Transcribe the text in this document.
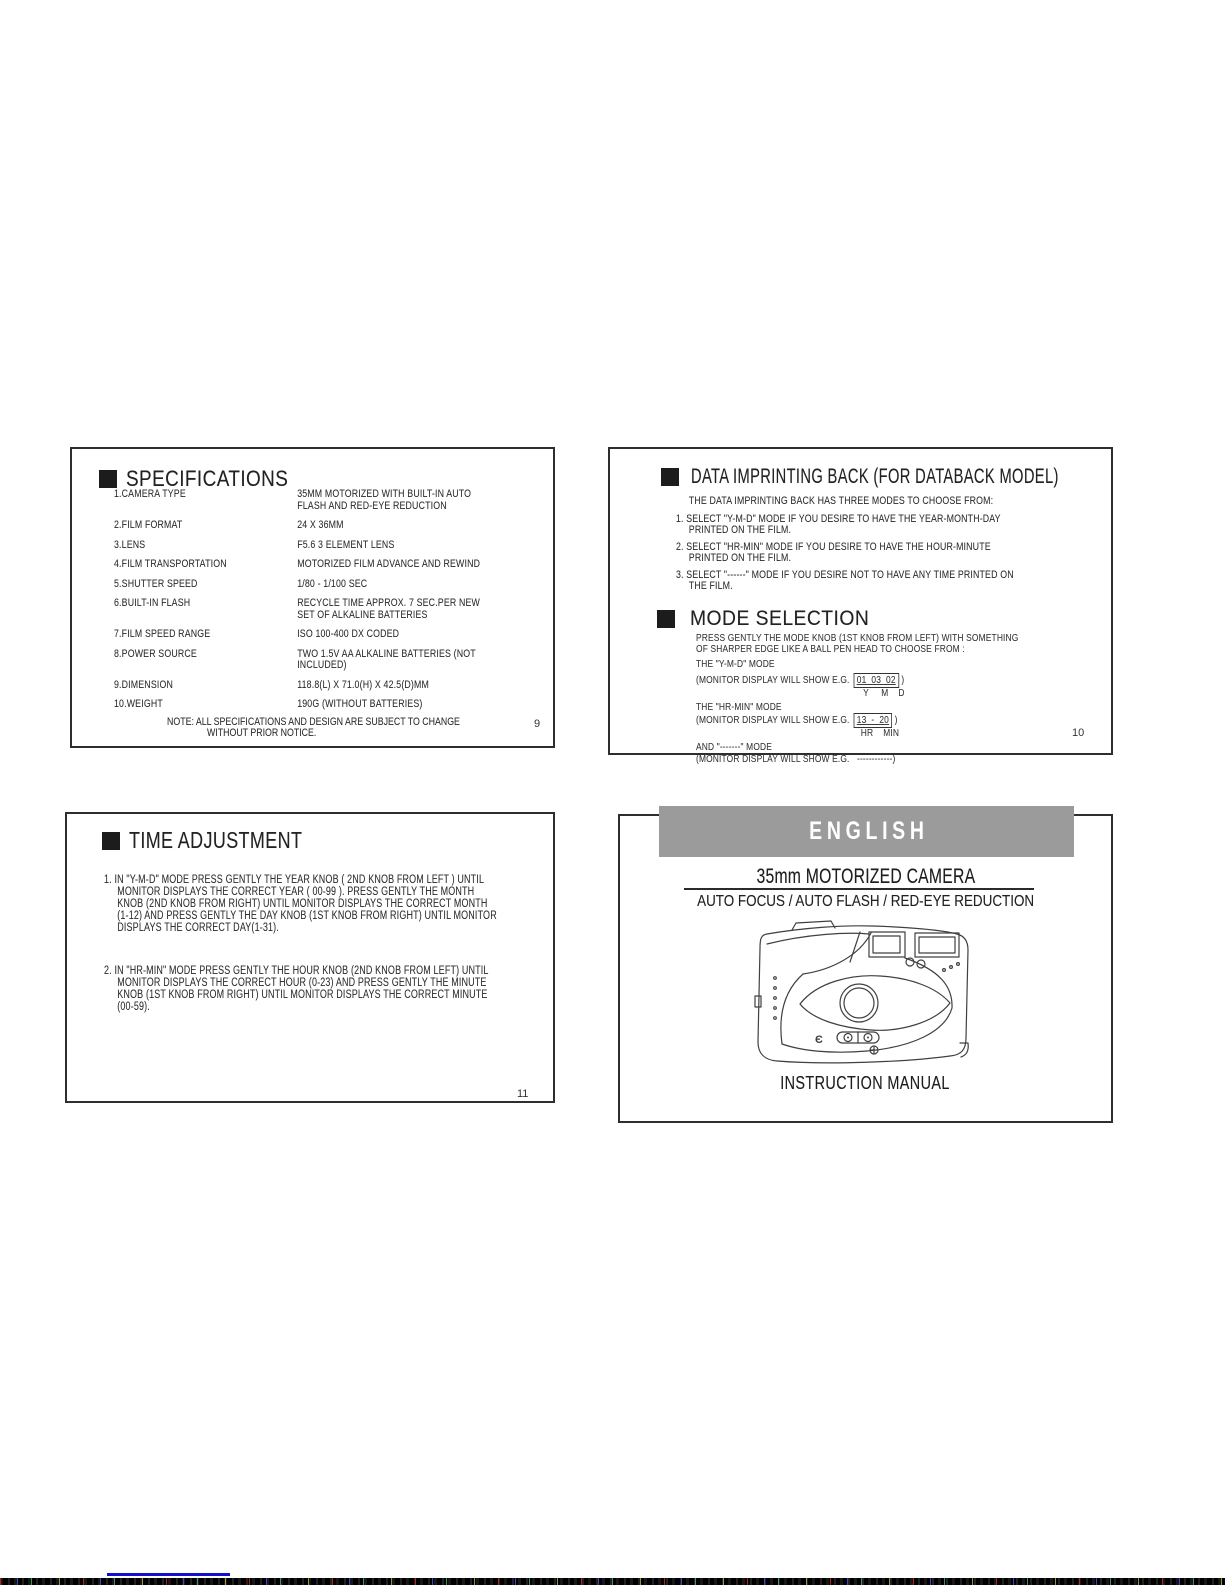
SPECIFICATIONS
1.CAMERA TYPE	35MM MOTORIZED WITH BUILT-IN AUTO
FLASH AND RED-EYE REDUCTION
2.FILM FORMAT	24 X 36MM
3.LENS	F5.6 3 ELEMENT LENS
4.FILM TRANSPORTATION	MOTORIZED FILM ADVANCE AND REWIND
5.SHUTTER SPEED	1/80 - 1/100 SEC
6.BUILT-IN FLASH	RECYCLE TIME APPROX. 7 SEC.PER NEW
SET OF ALKALINE BATTERIES
7.FILM SPEED RANGE	ISO 100-400 DX CODED
8.POWER SOURCE	TWO 1.5V AA ALKALINE BATTERIES (NOT
INCLUDED)
9.DIMENSION	118.8(L) X 71.0(H) X 42.5(D)MM
10.WEIGHT	190G (WITHOUT BATTERIES)
NOTE: ALL SPECIFICATIONS AND DESIGN ARE SUBJECT TO CHANGE
WITHOUT PRIOR NOTICE.
9
DATA IMPRINTING BACK (FOR DATABACK MODEL)
THE DATA IMPRINTING BACK HAS THREE MODES TO CHOOSE FROM:
1. SELECT "Y-M-D" MODE IF YOU DESIRE TO HAVE THE YEAR-MONTH-DAY
PRINTED ON THE FILM.
2. SELECT "HR-MIN" MODE IF YOU DESIRE TO HAVE THE HOUR-MINUTE
PRINTED ON THE FILM.
3. SELECT "------" MODE IF YOU DESIRE NOT TO HAVE ANY TIME PRINTED ON
THE FILM.
MODE SELECTION
PRESS GENTLY THE MODE KNOB (1ST KNOB FROM LEFT) WITH SOMETHING
OF SHARPER EDGE LIKE A BALL PEN HEAD TO CHOOSE FROM :
THE "Y-M-D" MODE
(MONITOR DISPLAY WILL SHOW E.G. 01  03  02 )
Y     M    D
THE "HR-MIN" MODE
(MONITOR DISPLAY WILL SHOW E.G. 13  -  20 )
HR    MIN
AND "-------" MODE
(MONITOR DISPLAY WILL SHOW E.G.   ------------)
10
TIME ADJUSTMENT
1. IN "Y-M-D" MODE PRESS GENTLY THE YEAR KNOB ( 2ND KNOB FROM LEFT ) UNTIL
MONITOR DISPLAYS THE CORRECT YEAR ( 00-99 ). PRESS GENTLY THE MONTH
KNOB (2ND KNOB FROM RIGHT) UNTIL MONITOR DISPLAYS THE CORRECT MONTH
(1-12) AND PRESS GENTLY THE DAY KNOB (1ST KNOB FROM RIGHT) UNTIL MONITOR
DISPLAYS THE CORRECT DAY(1-31).
2. IN "HR-MIN" MODE PRESS GENTLY THE HOUR KNOB (2ND KNOB FROM LEFT) UNTIL
MONITOR DISPLAYS THE CORRECT HOUR (0-23) AND PRESS GENTLY THE MINUTE
KNOB (1ST KNOB FROM RIGHT) UNTIL MONITOR DISPLAYS THE CORRECT MINUTE
(00-59).
11
ENGLISH
35mm MOTORIZED CAMERA
AUTO FOCUS / AUTO FLASH / RED-EYE REDUCTION
Є
INSTRUCTION MANUAL
